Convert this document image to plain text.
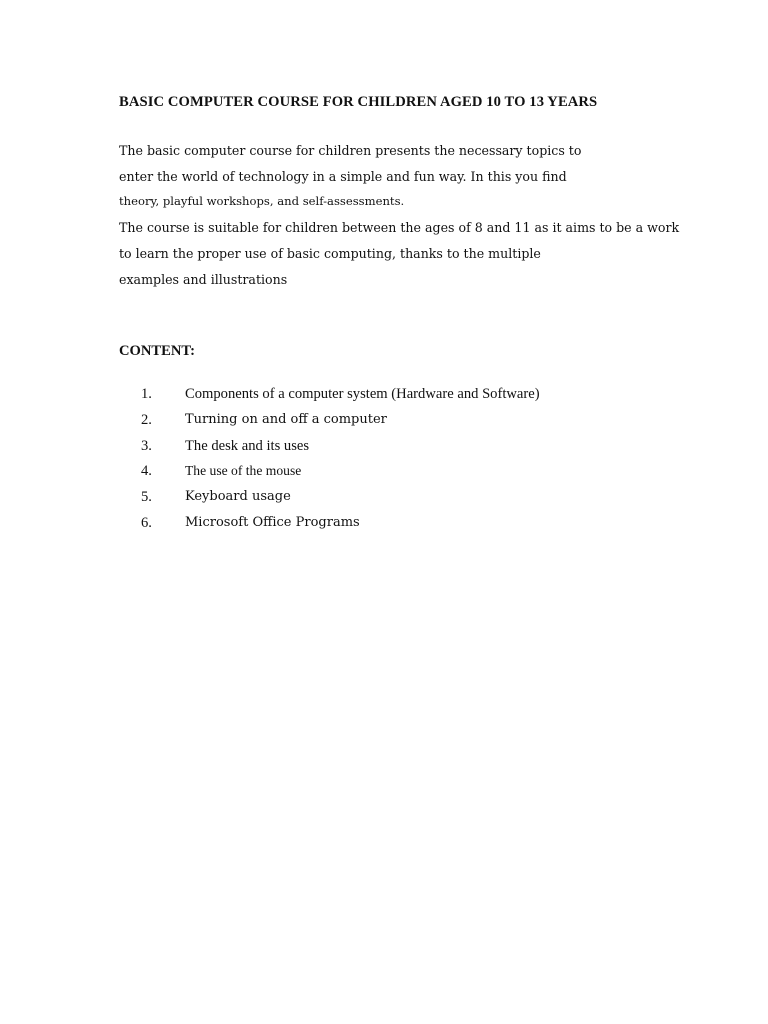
BASIC COMPUTER COURSE FOR CHILDREN AGED 10 TO 13 YEARS

The basic computer course for children presents the necessary topics to
enter the world of technology in a simple and fun way. In this you find
theory, playful workshops, and self-assessments.
The course is suitable for children between the ages of 8 and 11 as it aims to be a work
to learn the proper use of basic computing, thanks to the multiple
examples and illustrations

CONTENT:
1. Components of a computer system (Hardware and Software)
2.	Turning on and off a computer
3. The desk and its uses
4. The use of the mouse
5.	Keyboard usage
6.	Microsoft Office Programs
